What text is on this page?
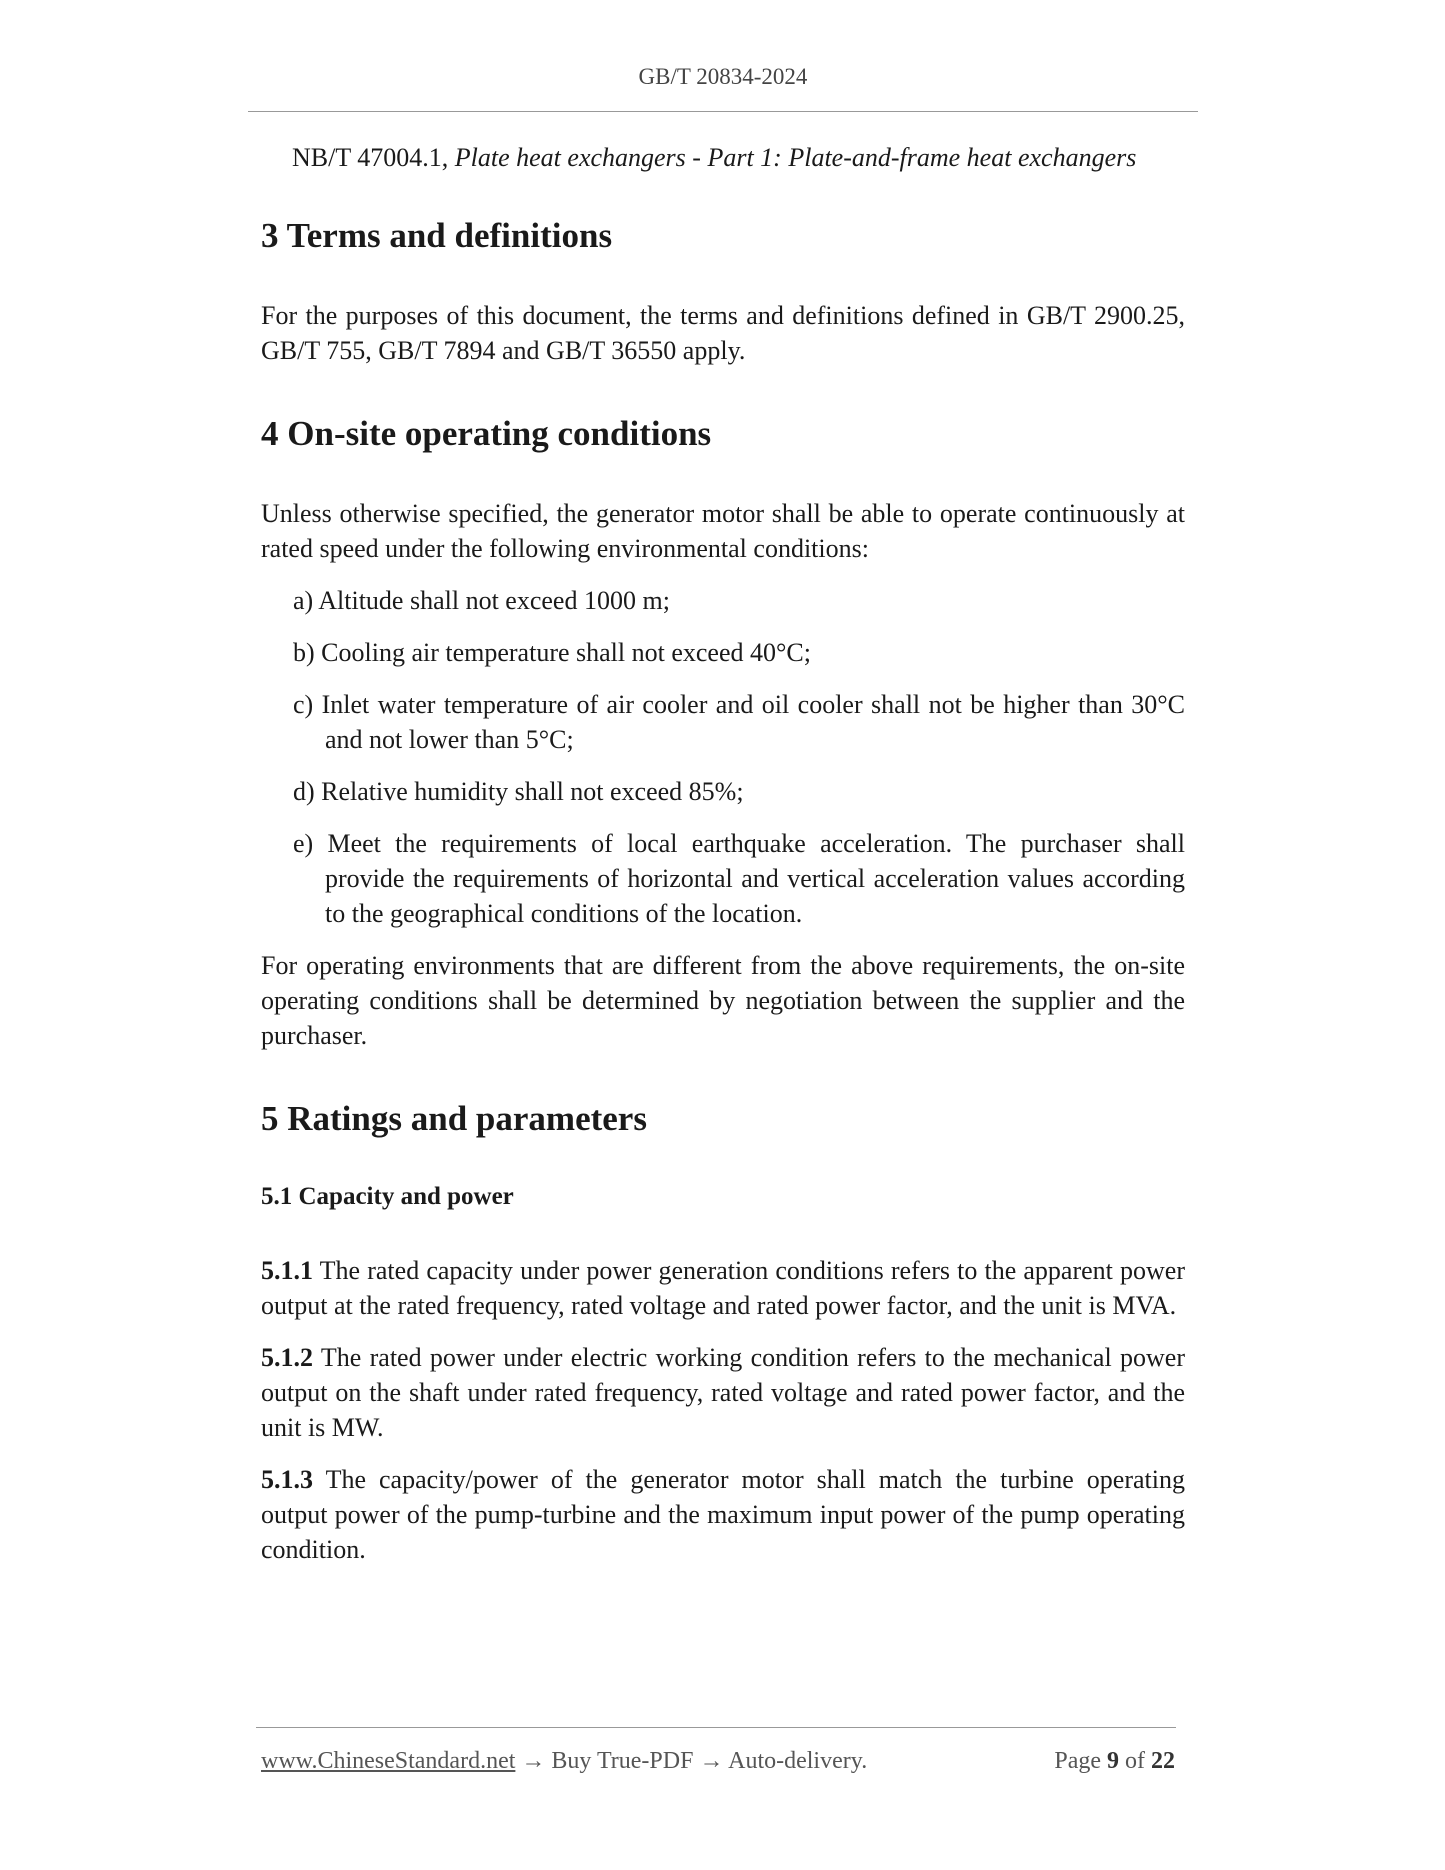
GB/T 20834-2024
NB/T 47004.1, Plate heat exchangers - Part 1: Plate-and-frame heat exchangers
3 Terms and definitions

For the purposes of this document, the terms and definitions defined in GB/T 2900.25, GB/T 755, GB/T 7894 and GB/T 36550 apply.

4 On-site operating conditions

Unless otherwise specified, the generator motor shall be able to operate continuously at rated speed under the following environmental conditions:

a) Altitude shall not exceed 1000 m;
b) Cooling air temperature shall not exceed 40°C;
c) Inlet water temperature of air cooler and oil cooler shall not be higher than 30°C and not lower than 5°C;
d) Relative humidity shall not exceed 85%;
e) Meet the requirements of local earthquake acceleration. The purchaser shall provide the requirements of horizontal and vertical acceleration values according to the geographical conditions of the location.

For operating environments that are different from the above requirements, the on-site operating conditions shall be determined by negotiation between the supplier and the purchaser.

5 Ratings and parameters
5.1 Capacity and power

5.1.1 The rated capacity under power generation conditions refers to the apparent power output at the rated frequency, rated voltage and rated power factor, and the unit is MVA.

5.1.2 The rated power under electric working condition refers to the mechanical power output on the shaft under rated frequency, rated voltage and rated power factor, and the unit is MW.

5.1.3 The capacity/power of the generator motor shall match the turbine operating output power of the pump-turbine and the maximum input power of the pump operating condition.

www.ChineseStandard.net → Buy True-PDF → Auto-delivery.	Page 9 of 22
